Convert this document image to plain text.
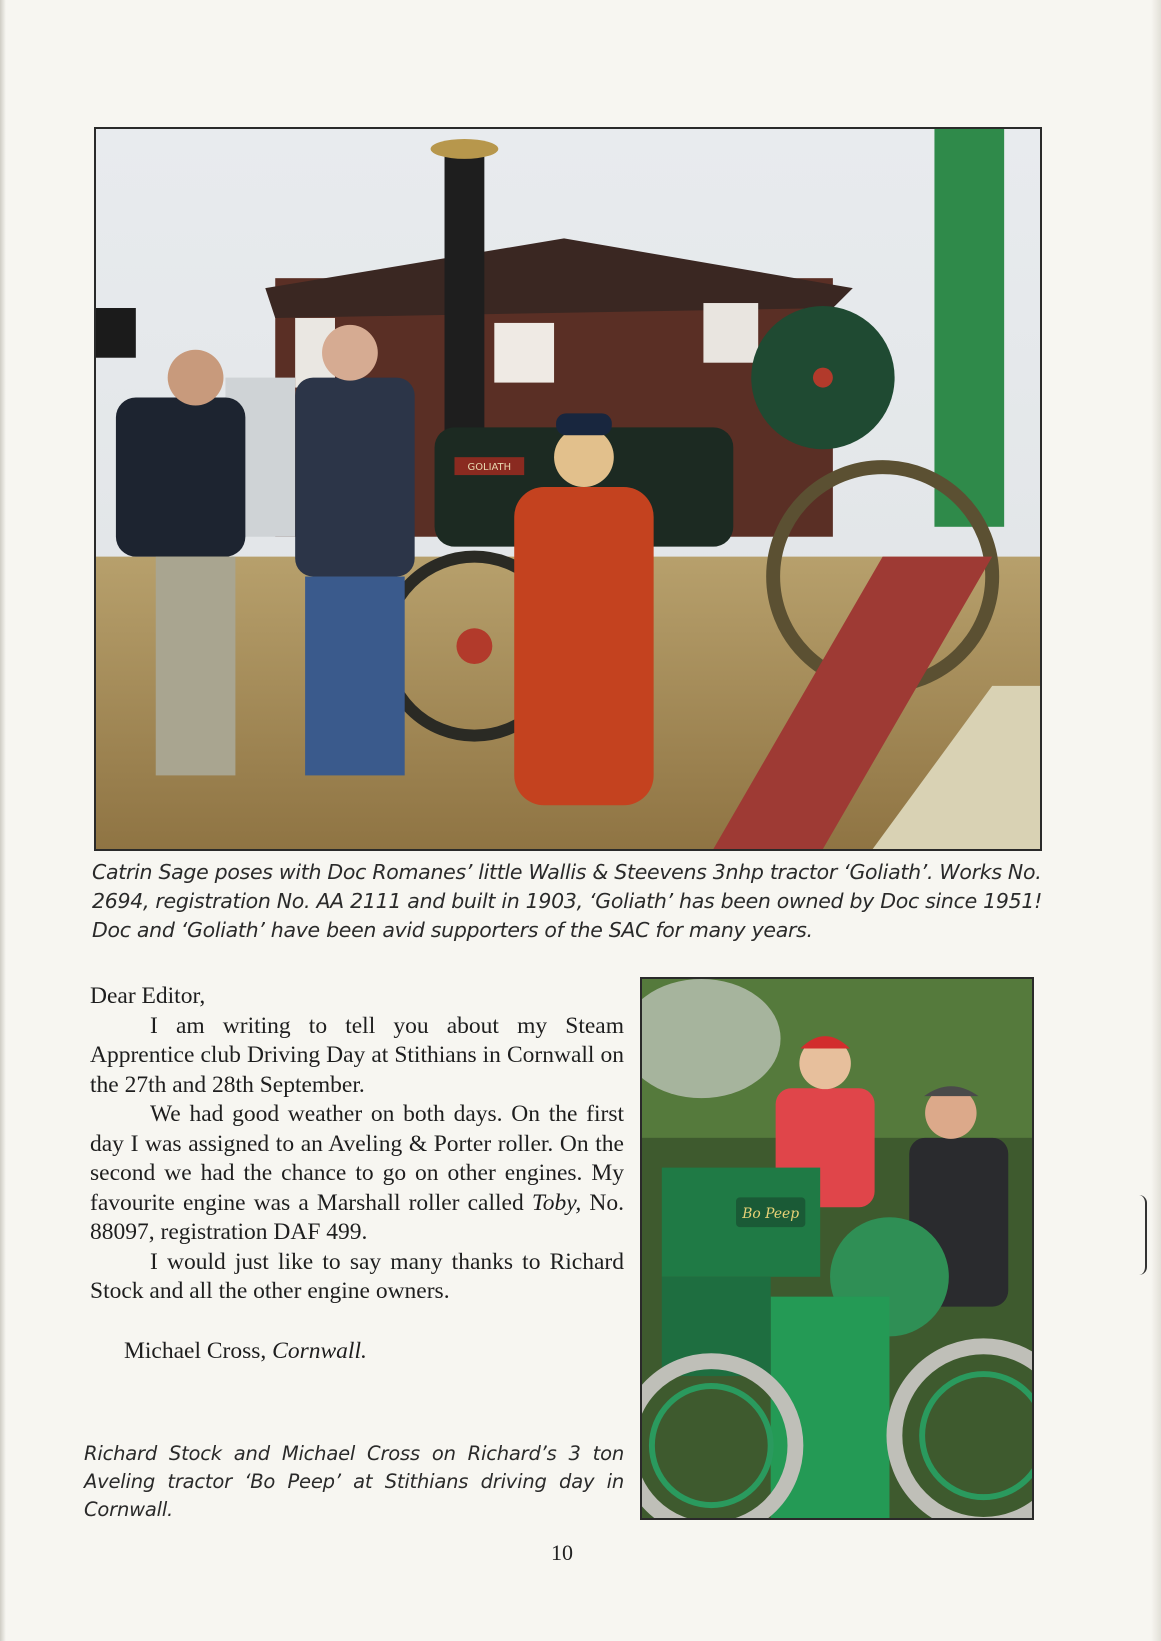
GOLIATH
Catrin Sage poses with Doc Romanes’ little Wallis & Steevens 3nhp tractor ‘Goliath’. Works No. 2694, registration No. AA 2111 and built in 1903, ‘Goliath’ has been owned by Doc since 1951! Doc and ‘Goliath’ have been avid supporters of the SAC for many years.

Dear Editor,

I am writing to tell you about my Steam Apprentice club Driving Day at Stithians in Cornwall on the 27th and 28th September.

We had good weather on both days. On the first day I was assigned to an Aveling & Porter roller. On the second we had the chance to go on other engines. My favourite engine was a Marshall roller called Toby, No. 88097, registration DAF 499.

I would just like to say many thanks to Richard Stock and all the other engine owners.

Michael Cross, Cornwall.

Bo Peep
Richard Stock and Michael Cross on Richard’s 3 ton Aveling tractor ‘Bo Peep’ at Stithians driving day in Cornwall.
10
